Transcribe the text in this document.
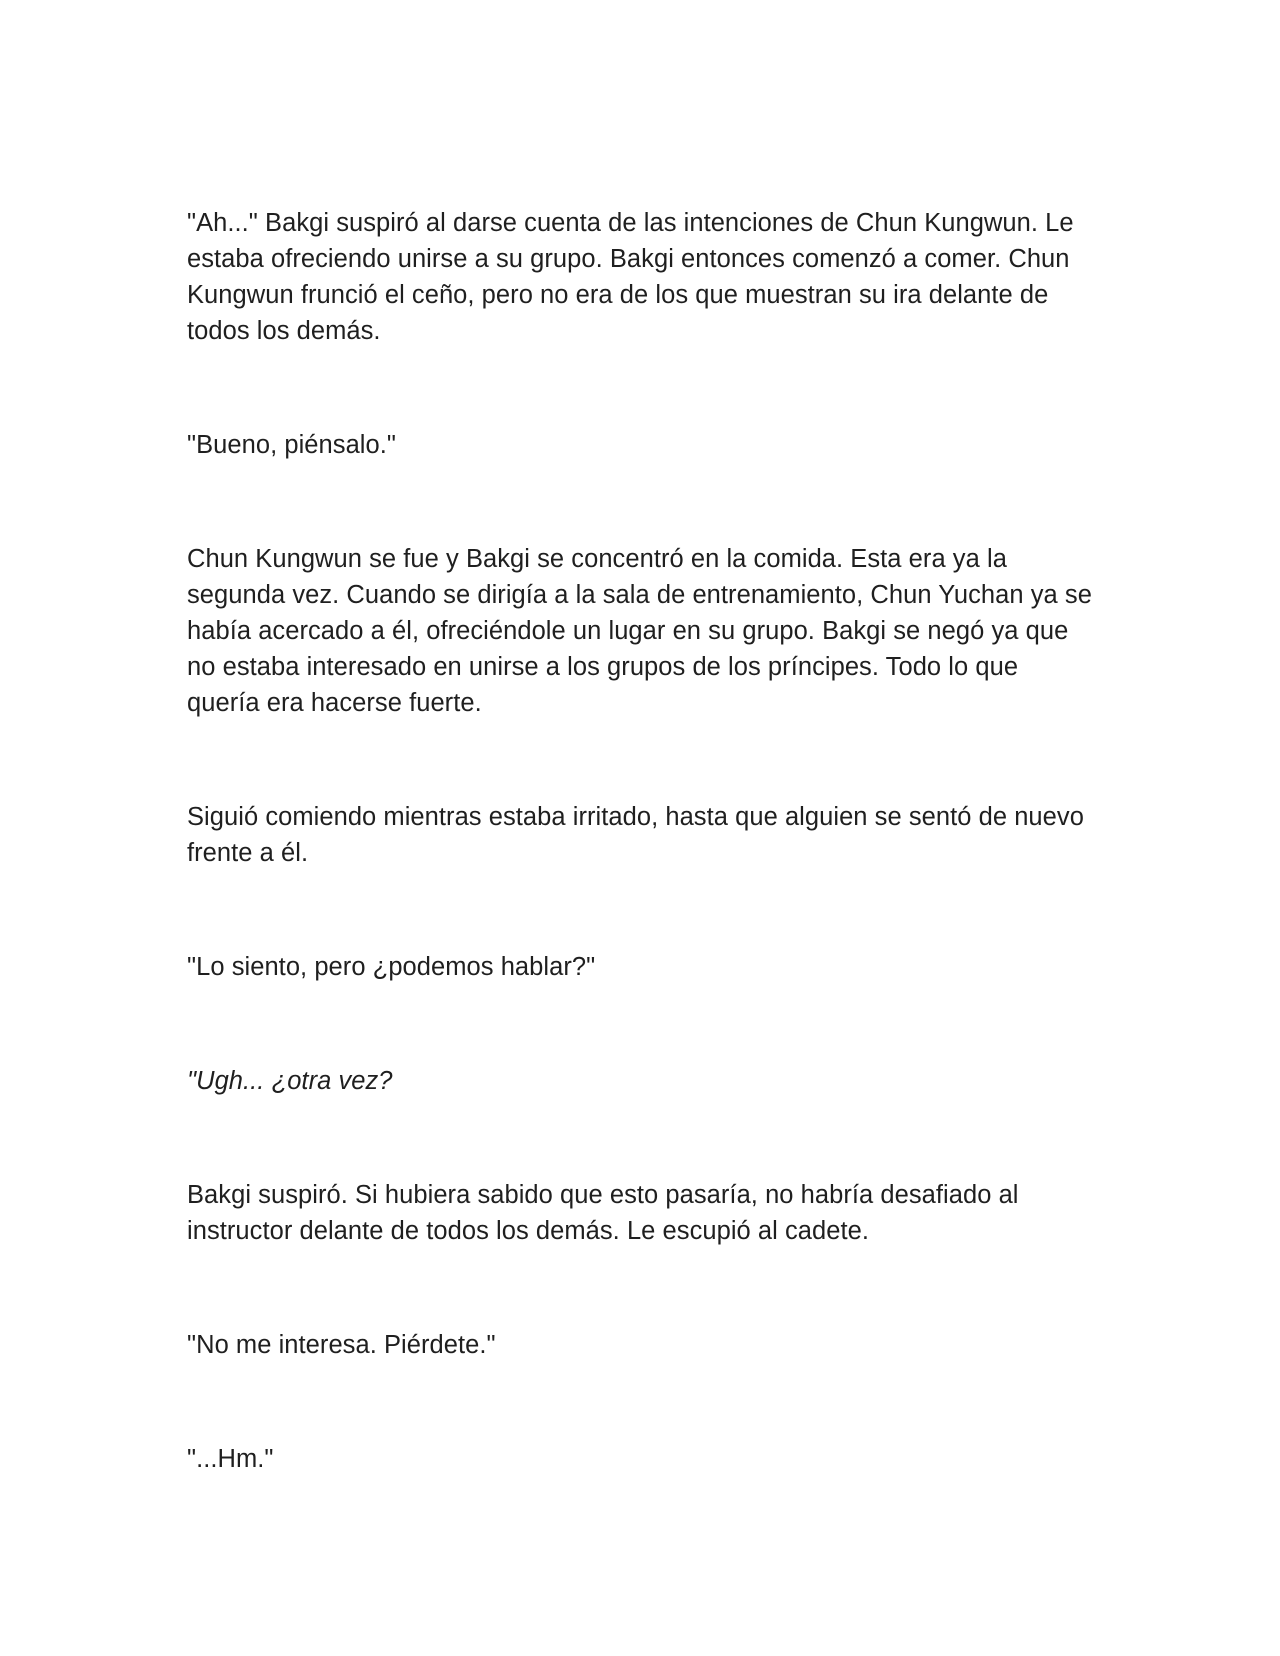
"Ah..." Bakgi suspiró al darse cuenta de las intenciones de Chun Kungwun. Le estaba ofreciendo unirse a su grupo. Bakgi entonces comenzó a comer. Chun Kungwun frunció el ceño, pero no era de los que muestran su ira delante de todos los demás.

"Bueno, piénsalo."

Chun Kungwun se fue y Bakgi se concentró en la comida. Esta era ya la segunda vez. Cuando se dirigía a la sala de entrenamiento, Chun Yuchan ya se había acercado a él, ofreciéndole un lugar en su grupo. Bakgi se negó ya que no estaba interesado en unirse a los grupos de los príncipes. Todo lo que quería era hacerse fuerte.

Siguió comiendo mientras estaba irritado, hasta que alguien se sentó de nuevo frente a él.

"Lo siento, pero ¿podemos hablar?"

"Ugh... ¿otra vez?

Bakgi suspiró. Si hubiera sabido que esto pasaría, no habría desafiado al instructor delante de todos los demás. Le escupió al cadete.

"No me interesa. Piérdete."

"...Hm."
